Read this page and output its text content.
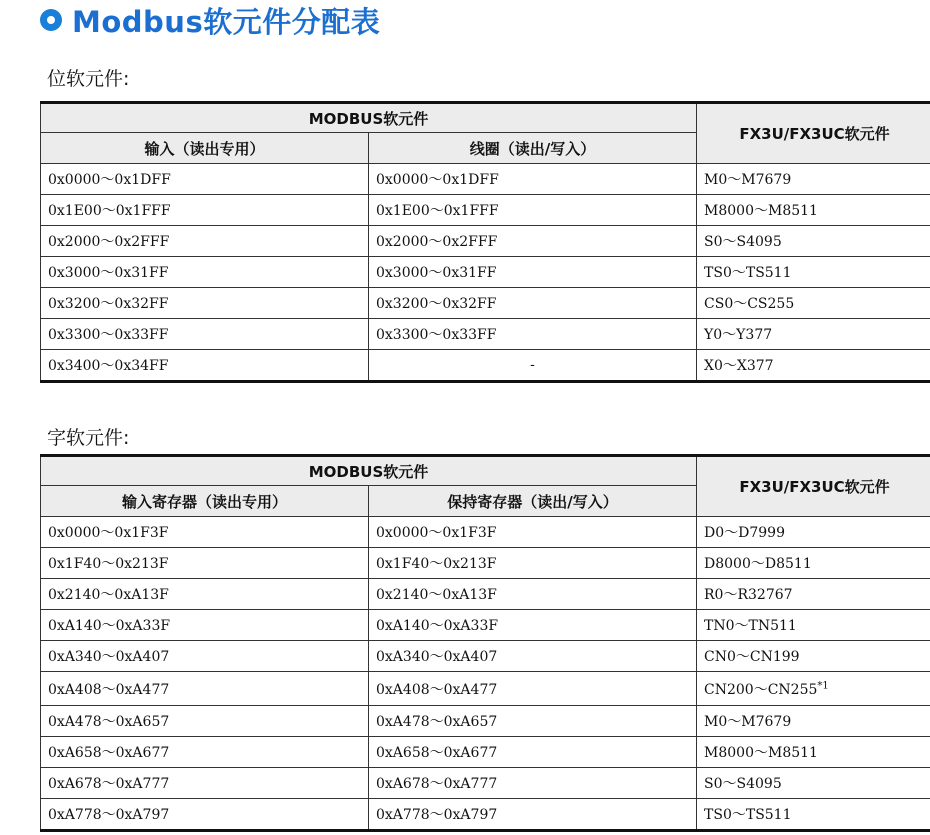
Modbus软元件分配表
位软元件:
MODBUS软元件		FX3U/FX3UC软元件
输入（读出专用）	线圈（读出/写入）	
0x0000～0x1DFF	0x0000～0x1DFF	M0～M7679
0x1E00～0x1FFF	0x1E00～0x1FFF	M8000～M8511
0x2000～0x2FFF	0x2000～0x2FFF	S0～S4095
0x3000～0x31FF	0x3000～0x31FF	TS0～TS511
0x3200～0x32FF	0x3200～0x32FF	CS0～CS255
0x3300～0x33FF	0x3300～0x33FF	Y0～Y377
0x3400～0x34FF	-	X0～X377
字软元件:
MODBUS软元件		FX3U/FX3UC软元件
输入寄存器（读出专用）	保持寄存器（读出/写入）	
0x0000～0x1F3F	0x0000～0x1F3F	D0～D7999
0x1F40～0x213F	0x1F40～0x213F	D8000～D8511
0x2140～0xA13F	0x2140～0xA13F	R0～R32767
0xA140～0xA33F	0xA140～0xA33F	TN0～TN511
0xA340～0xA407	0xA340～0xA407	CN0～CN199
0xA408～0xA477	0xA408～0xA477	CN200～CN255$^{*1}$
0xA478～0xA657	0xA478～0xA657	M0～M7679
0xA658～0xA677	0xA658～0xA677	M8000～M8511
0xA678～0xA777	0xA678～0xA777	S0～S4095
0xA778～0xA797	0xA778～0xA797	TS0～TS511
